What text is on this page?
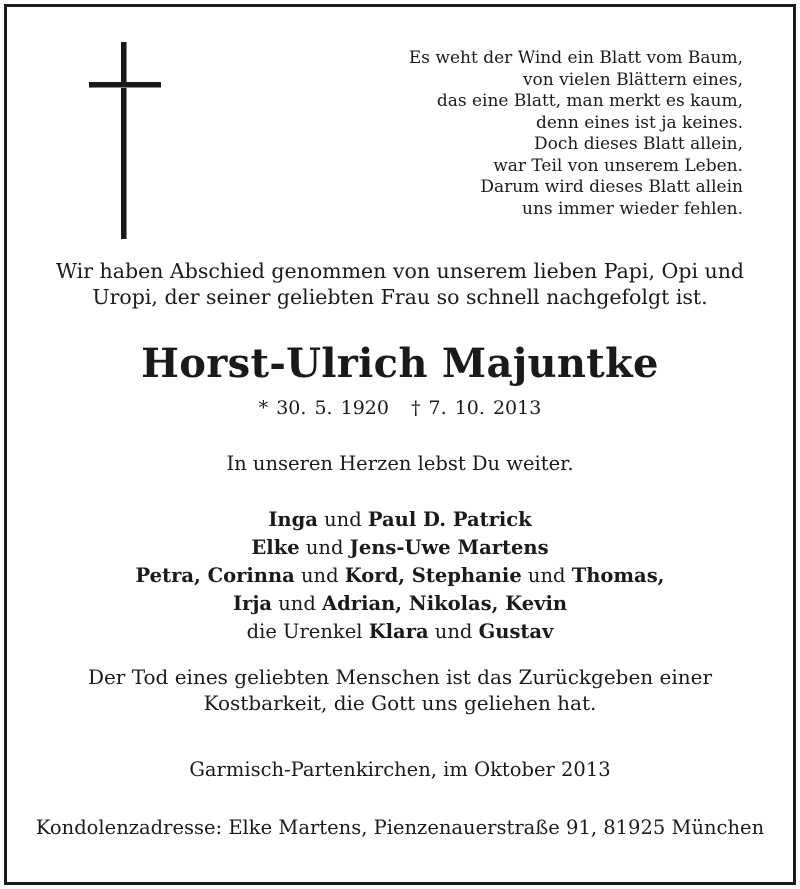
Es weht der Wind ein Blatt vom Baum,
von vielen Blättern eines,
das eine Blatt, man merkt es kaum,
denn eines ist ja keines.
Doch dieses Blatt allein,
war Teil von unserem Leben.
Darum wird dieses Blatt allein
uns immer wieder fehlen.
Wir haben Abschied genommen von unserem lieben Papi, Opi und
Uropi, der seiner geliebten Frau so schnell nachgefolgt ist.
Horst-Ulrich Majuntke
* 30. 5. 1920 † 7. 10. 2013
In unseren Herzen lebst Du weiter.
Inga und Paul D. Patrick
Elke und Jens-Uwe Martens
Petra, Corinna und Kord, Stephanie und Thomas,
Irja und Adrian, Nikolas, Kevin
die Urenkel Klara und Gustav
Der Tod eines geliebten Menschen ist das Zurückgeben einer
Kostbarkeit, die Gott uns geliehen hat.
Garmisch-Partenkirchen, im Oktober 2013
Kondolenzadresse: Elke Martens, Pienzenauerstraße 91, 81925 München
